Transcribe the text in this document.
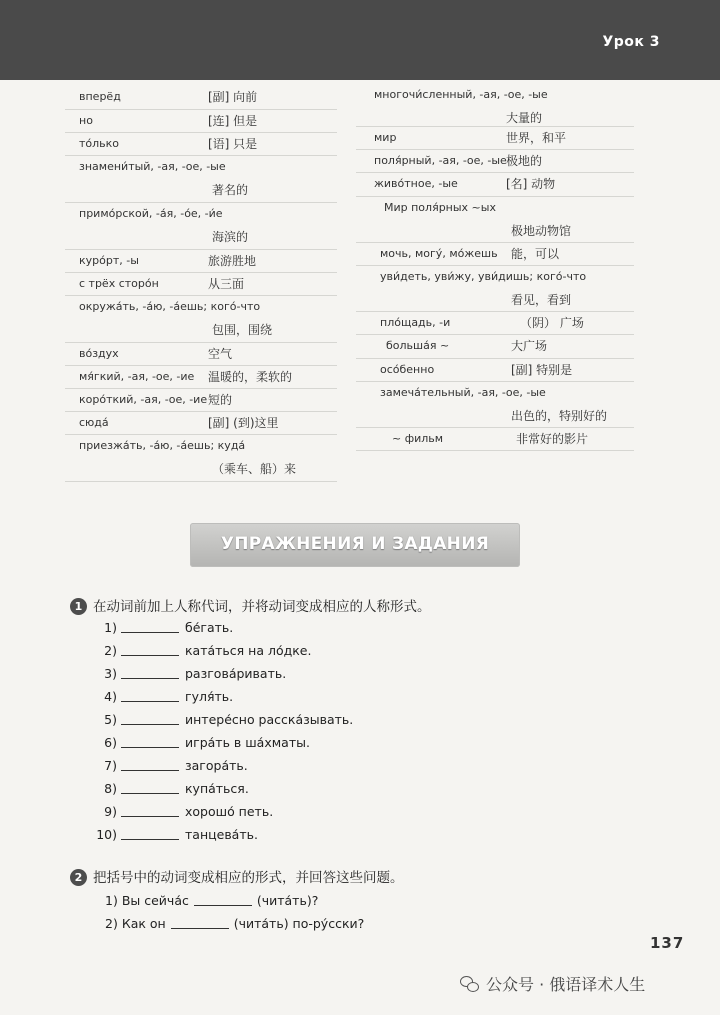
Урок 3
вперёд	[副] 向前
но	[连] 但是
то́лько	[语] 只是
знамени́тый, -ая, -ое, -ые
著名的
примо́рской, -а́я, -о́е, -и́е
海滨的
куро́рт, -ы	旅游胜地
с трёх сторо́н	从三面
окружа́ть, -а́ю, -а́ешь; кого́-что
包围，围绕
во́здух	空气
мя́гкий, -ая, -ое, -ие 温暖的，柔软的
коро́ткий, -ая, -ое, -ие 短的
сюда́	[副] (到)这里
приезжа́ть, -а́ю, -а́ешь; куда́
（乘车、船）来
многочи́сленный, -ая, -ое, -ые
大量的
мир	世界，和平
поля́рный, -ая, -ое, -ые 极地的
живо́тное, -ые	[名] 动物
Мир поля́рных ~ых
极地动物馆
мочь, могу́, мо́жешь 能，可以
уви́деть, уви́жу, уви́дишь; кого́-что
看见，看到
пло́щадь, -и	（阴） 广场
больша́я ~	大广场
осо́бенно	[副] 特别是
замеча́тельный, -ая, -ое, -ые
出色的，特别好的
~ фильм	非常好的影片
УПРАЖНЕНИЯ И ЗАДАНИЯ
1 在动词前加上人称代词，并将动词变成相应的人称形式。
1)	бе́гать.
2)	ката́ться на ло́дке.
3)	разгова́ривать.
4)	гуля́ть.
5)	интере́сно расска́зывать.
6)	игра́ть в ша́хматы.
7)	загора́ть.
8)	купа́ться.
9)	хорошо́ петь.
10)	танцева́ть.
2 把括号中的动词变成相应的形式，并回答这些问题。
1) Вы сейча́с	(чита́ть)?
2) Как он	(чита́ть) по-ру́сски?
137
公众号 · 俄语译术人生
